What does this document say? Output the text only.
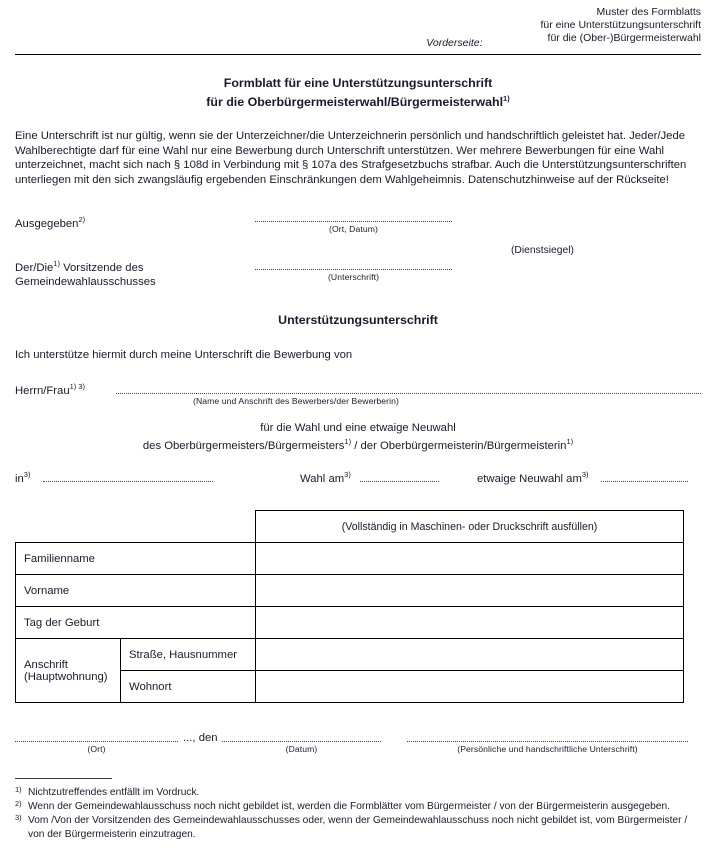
Vorderseite:
Muster des Formblatts
für eine Unterstützungsunterschrift
für die (Ober-)Bürgermeisterwahl
Formblatt für eine Unterstützungsunterschrift
für die Oberbürgermeisterwahl/Bürgermeisterwahl$^{1)}$
Eine Unterschrift ist nur gültig, wenn sie der Unterzeichner/die Unterzeichnerin persönlich und handschriftlich geleistet hat. Jeder/Jede Wahlberechtigte darf für eine Wahl nur eine Bewerbung durch Unterschrift unterstützen. Wer mehrere Bewerbungen für eine Wahl unterzeichnet, macht sich nach § 108d in Verbindung mit § 107a des Strafgesetzbuchs strafbar. Auch die Unterstützungsunterschriften unterliegen mit den sich zwangsläufig ergebenden Einschränkungen dem Wahlgeheimnis. Datenschutzhinweise auf der Rückseite!
Ausgegeben$^{2)}$
Der/Die$^{1)}$ Vorsitzende des
Gemeindewahlausschusses
(Ort, Datum)
(Unterschrift)
(Dienstsiegel)
Unterstützungsunterschrift
Ich unterstütze hiermit durch meine Unterschrift die Bewerbung von
Herrn/Frau$^{1) 3)}$
(Name und Anschrift des Bewerbers/der Bewerberin)
für die Wahl und eine etwaige Neuwahl
des Oberbürgermeisters/Bürgermeisters$^{1)}$ / der Oberbürgermeisterin/Bürgermeisterin$^{1)}$
$in^{3)}$	Wahl $am^{3)}$	etwaige Neuwahl $am^{3)}$
		(Vollständig in Maschinen- oder Druckschrift ausfüllen)
Familienname		
Vorname		
Tag der Geburt		

Anschrift
(Hauptwohnung)	Straße, Hausnummer	
	Wohnort	
(Ort)
..., den
(Datum)	(Persönliche und handschriftliche Unterschrift)
1) Nichtzutreffendes entfällt im Vordruck.
2) Wenn der Gemeindewahlausschuss noch nicht gebildet ist, werden die Formblätter vom Bürgermeister / von der Bürgermeisterin ausgegeben.
3) Vom /Von der Vorsitzenden des Gemeindewahlausschusses oder, wenn der Gemeindewahlausschuss noch nicht gebildet ist, vom Bürgermeister / von der Bürgermeisterin einzutragen.
